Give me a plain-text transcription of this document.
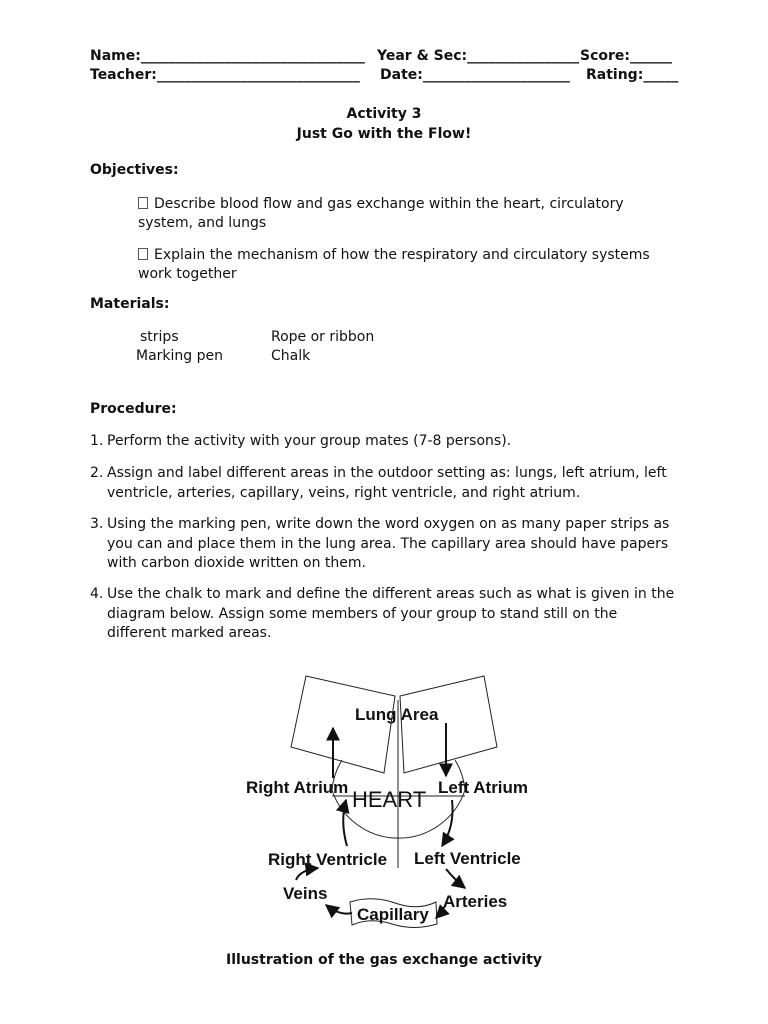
Name:________________________________ Year & Sec:________________ Score:______
Teacher:_____________________________ Date:_____________________ Rating:_____
Activity 3
Just Go with the Flow!
Objectives:
Describe blood flow and gas exchange within the heart, circulatory system, and lungs
Explain the mechanism of how the respiratory and circulatory systems work together
Materials:
strips
Marking pen
Rope or ribbon
Chalk
Procedure:
1. Perform the activity with your group mates (7-8 persons).
2. Assign and label different areas in the outdoor setting as: lungs, left atrium, left ventricle, arteries, capillary, veins, right ventricle, and right atrium.
3. Using the marking pen, write down the word oxygen on as many paper strips as you can and place them in the lung area. The capillary area should have papers with carbon dioxide written on them.
4. Use the chalk to mark and define the different areas such as what is given in the diagram below. Assign some members of your group to stand still on the different marked areas.
Lung Area
HEART
Right Atrium	Left Atrium
Right Ventricle Left Ventricle
Veins	Arteries
Capillary
Illustration of the gas exchange activity
